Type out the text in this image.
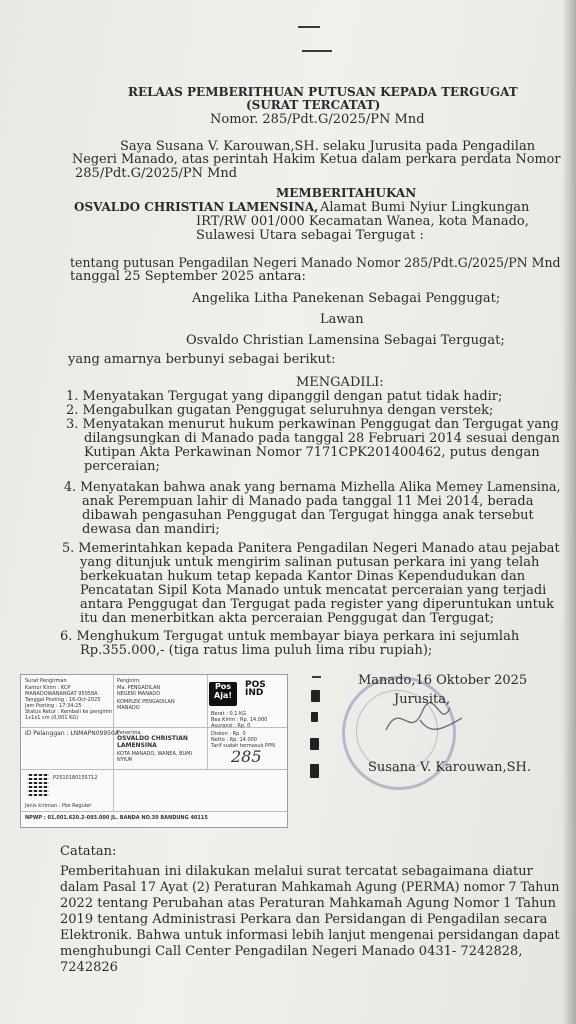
RELAAS PEMBERITHUAN PUTUSAN KEPADA TERGUGAT
(SURAT TERCATAT)
Nomor. 285/Pdt.G/2025/PN Mnd
Saya Susana V. Karouwan,SH. selaku Jurusita pada Pengadilan
Negeri Manado, atas perintah Hakim Ketua dalam perkara perdata Nomor
285/Pdt.G/2025/PN Mnd
MEMBERITAHUKAN
OSVALDO CHRISTIAN LAMENSINA, Alamat Bumi Nyiur Lingkungan
IRT/RW 001/000 Kecamatan Wanea, kota Manado,
Sulawesi Utara sebagai Tergugat :
tentang putusan Pengadilan Negeri Manado Nomor 285/Pdt.G/2025/PN Mnd
tanggal 25 September 2025 antara:
Angelika Litha Panekenan Sebagai Penggugat;
Lawan
Osvaldo Christian Lamensina Sebagai Tergugat;
yang amarnya berbunyi sebagai berikut:
MENGADILI:
1. Menyatakan Tergugat yang dipanggil dengan patut tidak hadir;
2. Mengabulkan gugatan Penggugat seluruhnya dengan verstek;
3. Menyatakan menurut hukum perkawinan Penggugat dan Tergugat yang
dilangsungkan di Manado pada tanggal 28 Februari 2014 sesuai dengan
Kutipan Akta Perkawinan Nomor 7171CPK201400462, putus dengan
perceraian;
4. Menyatakan bahwa anak yang bernama Mizhella Alika Memey Lamensina,
anak Perempuan lahir di Manado pada tanggal 11 Mei 2014, berada
dibawah pengasuhan Penggugat dan Tergugat hingga anak tersebut
dewasa dan mandiri;
5. Memerintahkan kepada Panitera Pengadilan Negeri Manado atau pejabat
yang ditunjuk untuk mengirim salinan putusan perkara ini yang telah
berkekuatan hukum tetap kepada Kantor Dinas Kependudukan dan
Pencatatan Sipil Kota Manado untuk mencatat perceraian yang terjadi
antara Penggugat dan Tergugat pada register yang diperuntukan untuk
itu dan menerbitkan akta perceraian Penggugat dan Tergugat;
6. Menghukum Tergugat untuk membayar biaya perkara ini sejumlah
Rp.355.000,- (tiga ratus lima puluh lima ribu rupiah);
Surat Pengirman
Kantor Kirim : KCP
MANADOWANANGAT 95058A
Tanggal Posting : 16-Oct-2025
Jam Posting : 17:34:25
Status Retur : Kembali ke pengirim
1x1x1 cm (0,001 KG)
ID Pelanggan : LNMAPN09950A
Pengirim:
Ma. PENGADILAN
NEGERI MANADO
KOMPLEK PENGADILAN
MANADO
Pos
Aja!
POS
IND
Berat : 0.1 KG
Bea Kirim : Rp. 14.000
Asuransi : Rp. 0
Diskon : Rp. 0
Netto : Rp. 14.000
Tarif sudah termasuk PPN
Penerima
OSVALDO CHRISTIAN
LAMENSINA
KOTA MANADO, WANEA, BUMI
NYIUR	285
P2510180155712
Jenis kiriman : Pos Reguler
NPWP : 01.001.620.2-093.000 JL. BANDA NO.30 BANDUNG 40115
Manado,16 Oktober 2025
Jurusita,
Susana V. Karouwan,SH.
Catatan:
Pemberitahuan ini dilakukan melalui surat tercatat sebagaimana diatur
dalam Pasal 17 Ayat (2) Peraturan Mahkamah Agung (PERMA) nomor 7 Tahun
2022 tentang Perubahan atas Peraturan Mahkamah Agung Nomor 1 Tahun
2019 tentang Administrasi Perkara dan Persidangan di Pengadilan secara
Elektronik. Bahwa untuk informasi lebih lanjut mengenai persidangan dapat
menghubungi Call Center Pengadilan Negeri Manado 0431- 7242828,
7242826
